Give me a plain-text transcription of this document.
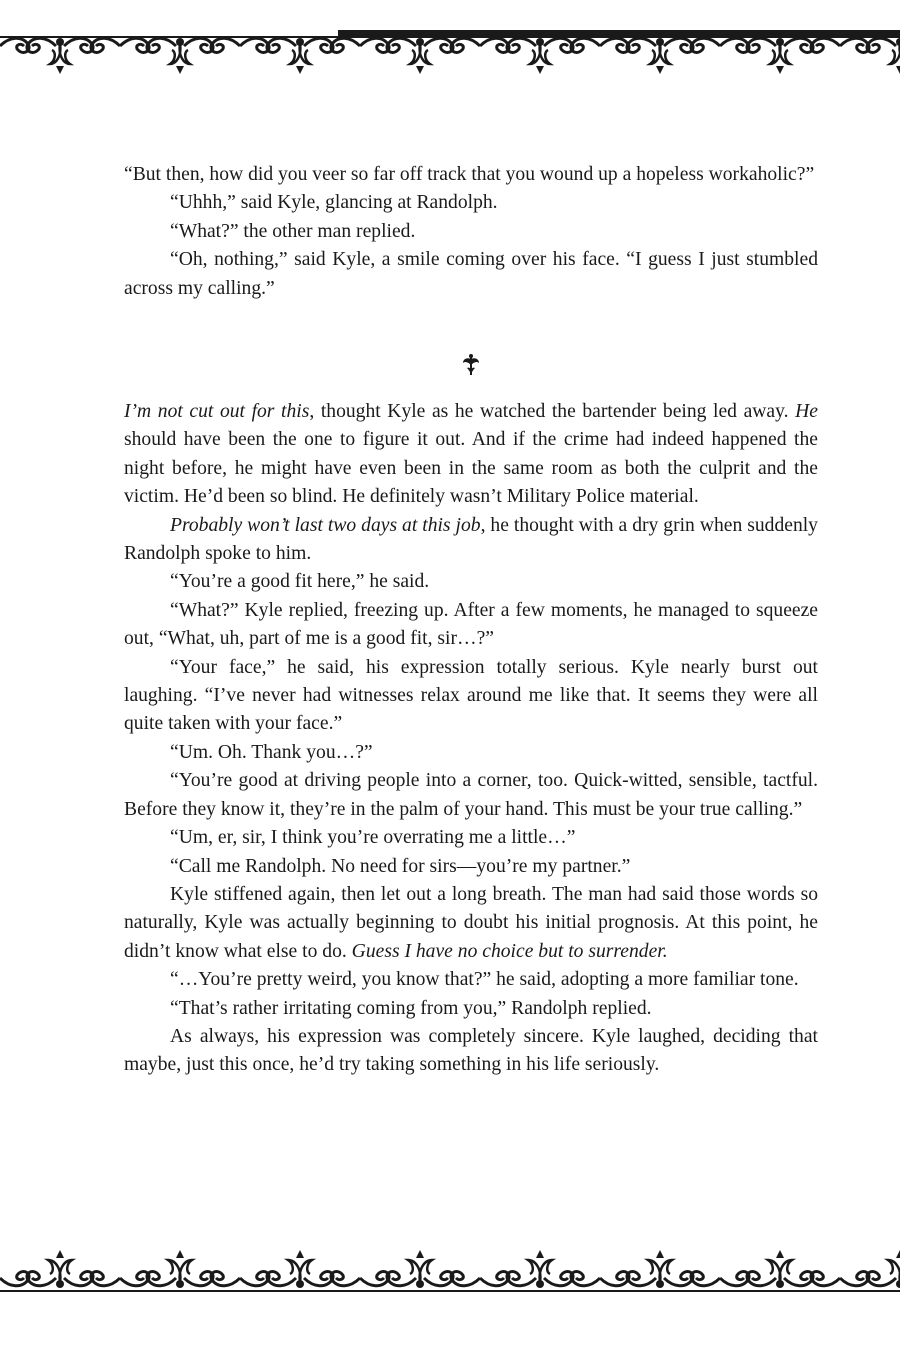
“But then, how did you veer so far off track that you wound up a hopeless workaholic?”

“Uhhh,” said Kyle, glancing at Randolph.

“What?” the other man replied.

“Oh, nothing,” said Kyle, a smile coming over his face. “I guess I just stumbled across my calling.”

I’m not cut out for this, thought Kyle as he watched the bartender being led away. He should have been the one to figure it out. And if the crime had indeed happened the night before, he might have even been in the same room as both the culprit and the victim. He’d been so blind. He definitely wasn’t Military Police material.

Probably won’t last two days at this job, he thought with a dry grin when suddenly Randolph spoke to him.

“You’re a good fit here,” he said.

“What?” Kyle replied, freezing up. After a few moments, he managed to squeeze out, “What, uh, part of me is a good fit, sir…?”

“Your face,” he said, his expression totally serious. Kyle nearly burst out laughing. “I’ve never had witnesses relax around me like that. It seems they were all quite taken with your face.”

“Um. Oh. Thank you…?”

“You’re good at driving people into a corner, too. Quick-witted, sensible, tactful. Before they know it, they’re in the palm of your hand. This must be your true calling.”

“Um, er, sir, I think you’re overrating me a little…”

“Call me Randolph. No need for sirs—you’re my partner.”

Kyle stiffened again, then let out a long breath. The man had said those words so naturally, Kyle was actually beginning to doubt his initial prognosis. At this point, he didn’t know what else to do. Guess I have no choice but to surrender.

“…You’re pretty weird, you know that?” he said, adopting a more familiar tone.

“That’s rather irritating coming from you,” Randolph replied.

As always, his expression was completely sincere. Kyle laughed, deciding that maybe, just this once, he’d try taking something in his life seriously.
